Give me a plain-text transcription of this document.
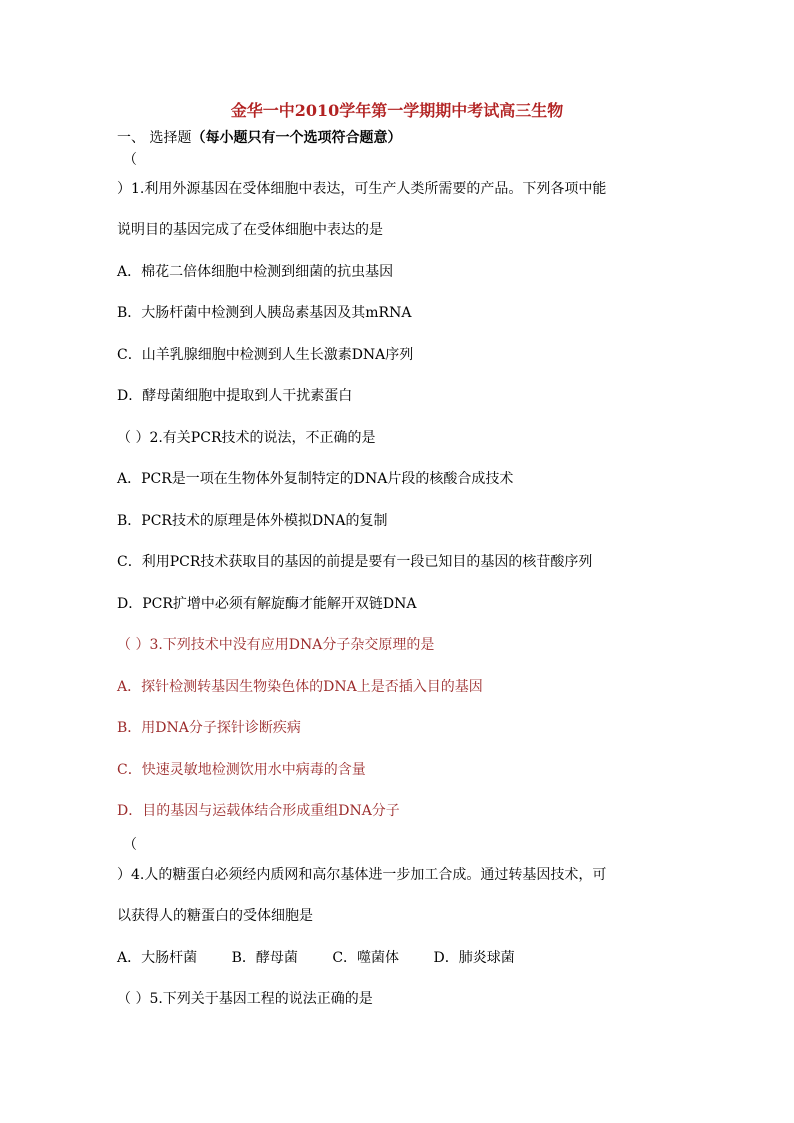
金华一中2010学年第一学期期中考试高三生物
一、 选择题（每小题只有一个选项符合题意）
（
）1.利用外源基因在受体细胞中表达，可生产人类所需要的产品。下列各项中能
说明目的基因完成了在受体细胞中表达的是
A．棉花二倍体细胞中检测到细菌的抗虫基因
B．大肠杆菌中检测到人胰岛素基因及其mRNA
C．山羊乳腺细胞中检测到人生长激素DNA序列
D．酵母菌细胞中提取到人干扰素蛋白
（ ）2.有关PCR技术的说法，不正确的是
A．PCR是一项在生物体外复制特定的DNA片段的核酸合成技术
B．PCR技术的原理是体外模拟DNA的复制
C．利用PCR技术获取目的基因的前提是要有一段已知目的基因的核苷酸序列
D．PCR扩增中必须有解旋酶才能解开双链DNA
（ ）3.下列技术中没有应用DNA分子杂交原理的是
A．探针检测转基因生物染色体的DNA上是否插入目的基因
B．用DNA分子探针诊断疾病
C．快速灵敏地检测饮用水中病毒的含量
D．目的基因与运载体结合形成重组DNA分子
（
）4.人的糖蛋白必须经内质网和高尔基体进一步加工合成。通过转基因技术，可
以获得人的糖蛋白的受体细胞是
A．大肠杆菌 B．酵母菌 C．噬菌体 D．肺炎球菌
（ ）5.下列关于基因工程的说法正确的是
